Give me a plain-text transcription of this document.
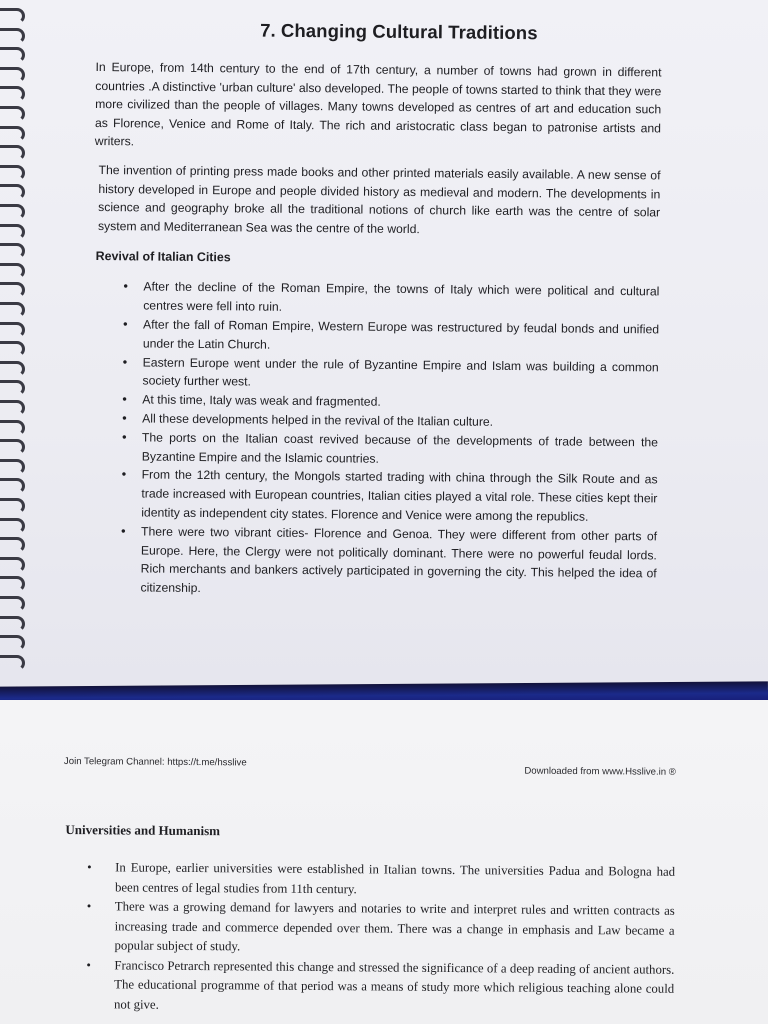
7. Changing Cultural Traditions

In Europe, from 14th century to the end of 17th century, a number of towns had grown in different countries .A distinctive 'urban culture' also developed. The people of towns started to think that they were more civilized than the people of villages. Many towns developed as centres of art and education such as Florence, Venice and Rome of Italy. The rich and aristocratic class began to patronise artists and writers.

The invention of printing press made books and other printed materials easily available. A new sense of history developed in Europe and people divided history as medieval and modern. The developments in science and geography broke all the traditional notions of church like earth was the centre of solar system and Mediterranean Sea was the centre of the world.

Revival of Italian Cities
• After the decline of the Roman Empire, the towns of Italy which were political and cultural centres were fell into ruin.
• After the fall of Roman Empire, Western Europe was restructured by feudal bonds and unified under the Latin Church.
• Eastern Europe went under the rule of Byzantine Empire and Islam was building a common society further west.
• At this time, Italy was weak and fragmented.
• All these developments helped in the revival of the Italian culture.
• The ports on the Italian coast revived because of the developments of trade between the Byzantine Empire and the Islamic countries.
• From the 12th century, the Mongols started trading with china through the Silk Route and as trade increased with European countries, Italian cities played a vital role. These cities kept their identity as independent city states. Florence and Venice were among the republics.
• There were two vibrant cities- Florence and Genoa. They were different from other parts of Europe. Here, the Clergy were not politically dominant. There were no powerful feudal lords. Rich merchants and bankers actively participated in governing the city. This helped the idea of citizenship.
Join Telegram Channel: https://t.me/hsslive
Downloaded from www.Hsslive.in ®
Universities and Humanism
• In Europe, earlier universities were established in Italian towns. The universities Padua and Bologna had been centres of legal studies from 11th century.
• There was a growing demand for lawyers and notaries to write and interpret rules and written contracts as increasing trade and commerce depended over them. There was a change in emphasis and Law became a popular subject of study.
• Francisco Petrarch represented this change and stressed the significance of a deep reading of ancient authors. The educational programme of that period was a means of study more which religious teaching alone could not give.
